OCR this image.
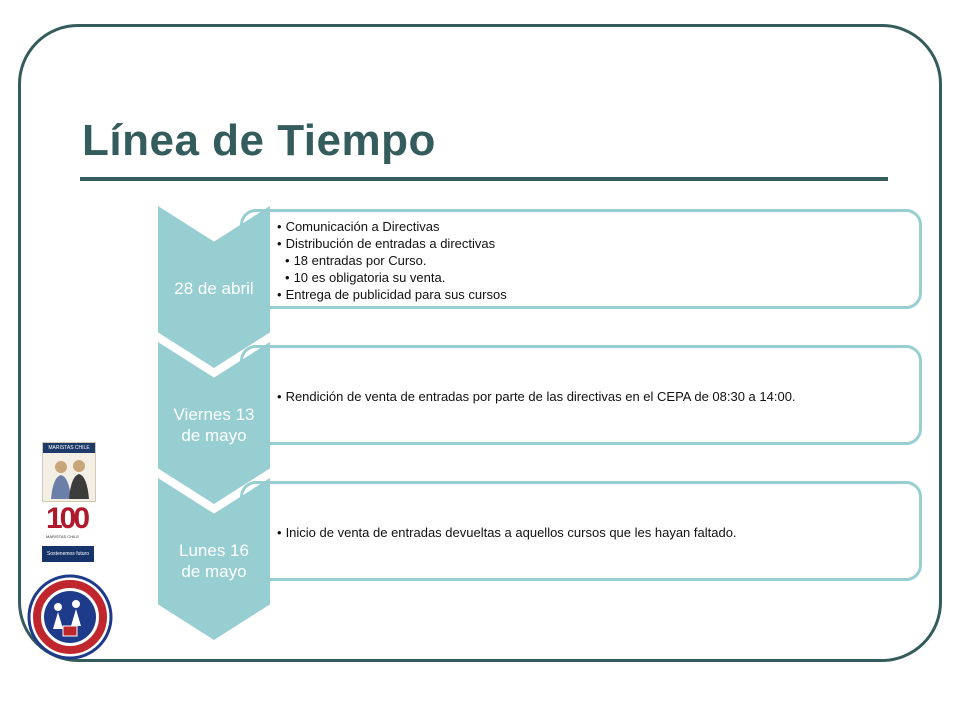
Línea de Tiempo
• Comunicación a Directivas
• Distribución de entradas a directivas
• 18 entradas por Curso.
• 10 es obligatoria su venta.
• Entrega de publicidad para sus cursos
• Rendición de venta de entradas por parte de las directivas en el CEPA de 08:30 a 14:00.
• Inicio de venta de entradas devueltas a aquellos cursos que les hayan faltado.
28 de abril
Viernes 13
de mayo
Lunes 16
de mayo
MARISTAS CHILE
100
MARISTAS CHILE
Sostenemos futuro
